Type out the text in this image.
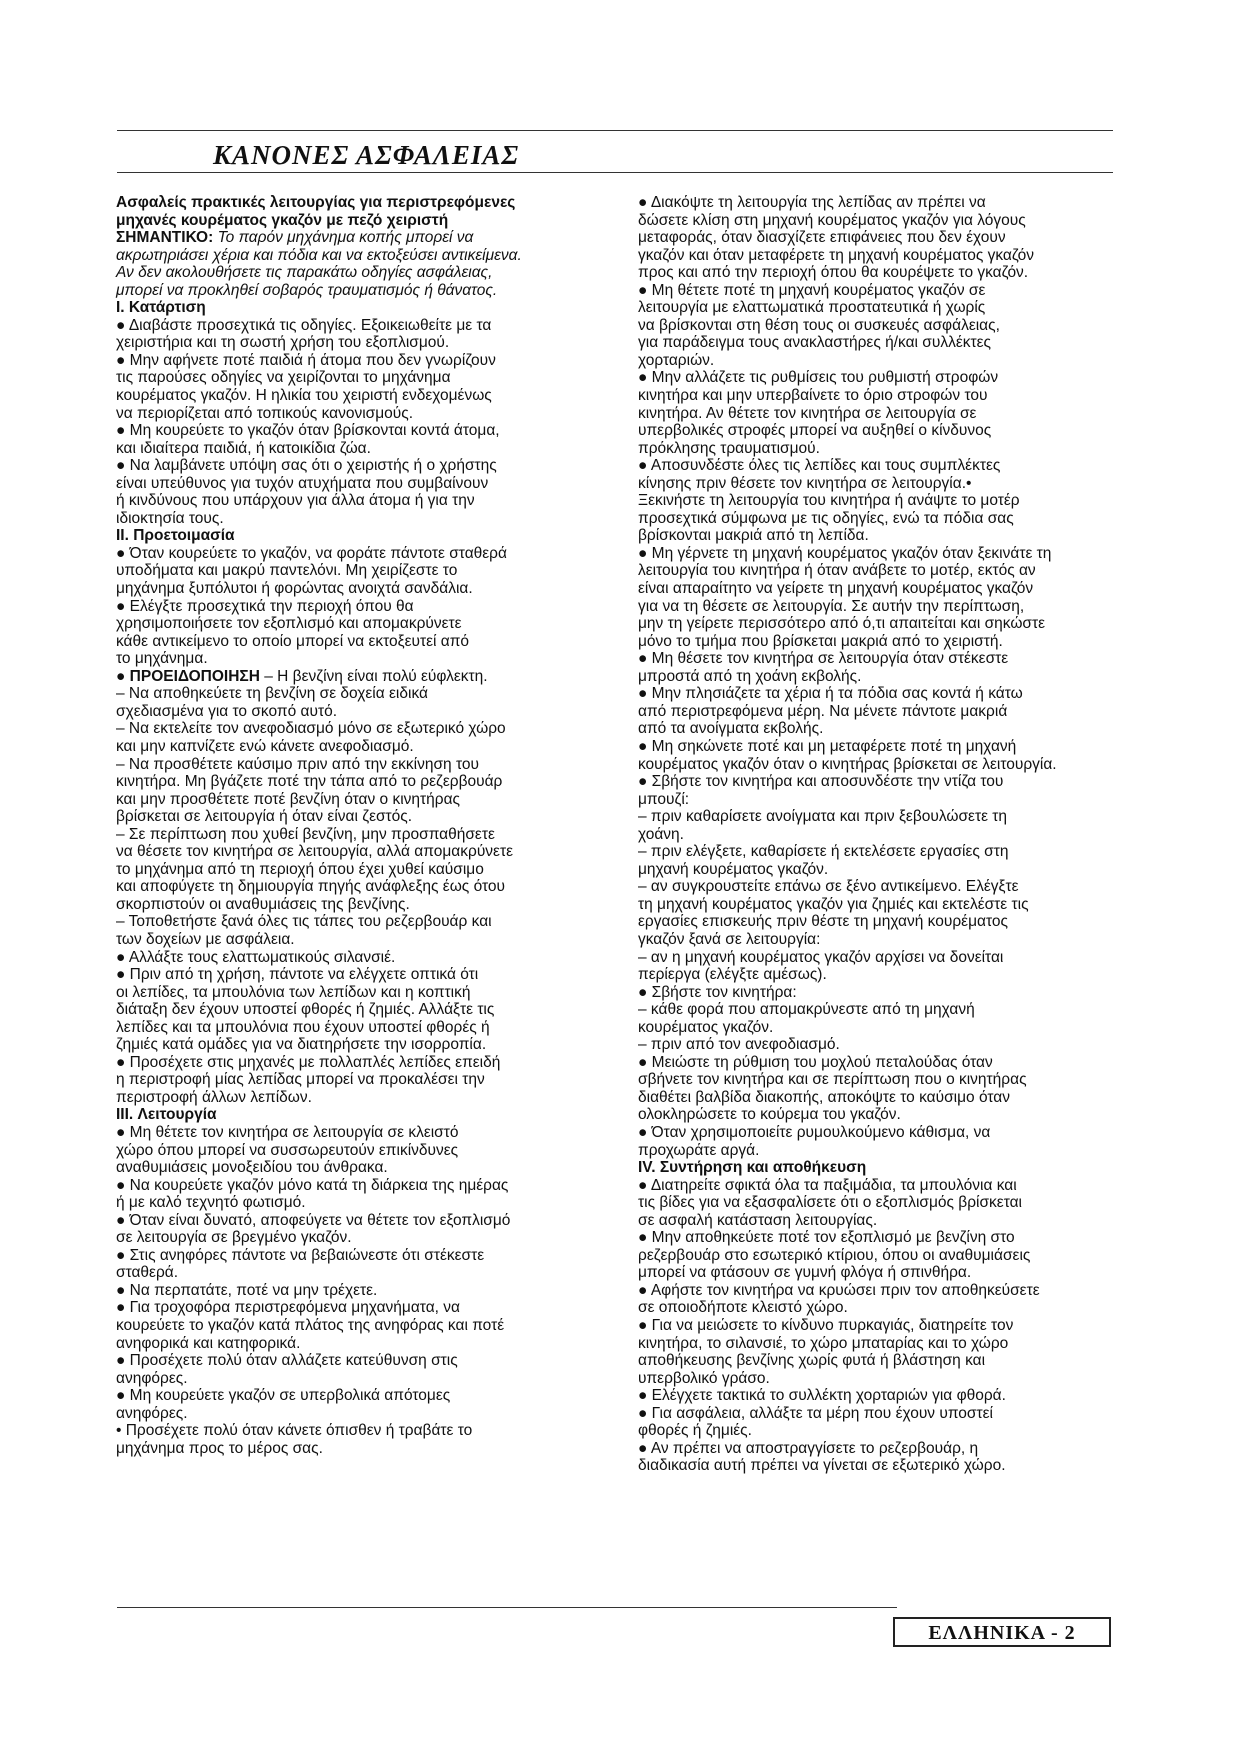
ΚΑΝΟΝΕΣ ΑΣΦΑΛΕΙΑΣ
Ασφαλείς πρακτικές λειτουργίας για περιστρεφόμενες
μηχανές κουρέματος γκαζόν με πεζό χειριστή
ΣΗΜΑΝΤΙΚΟ: Το παρόν μηχάνημα κοπής μπορεί να
ακρωτηριάσει χέρια και πόδια και να εκτοξεύσει αντικείμενα.
Αν δεν ακολουθήσετε τις παρακάτω οδηγίες ασφάλειας,
μπορεί να προκληθεί σοβαρός τραυματισμός ή θάνατος.
I. Κατάρτιση
● Διαβάστε προσεχτικά τις οδηγίες. Εξοικειωθείτε με τα
χειριστήρια και τη σωστή χρήση του εξοπλισμού.
● Μην αφήνετε ποτέ παιδιά ή άτομα που δεν γνωρίζουν
τις παρούσες οδηγίες να χειρίζονται το μηχάνημα
κουρέματος γκαζόν. Η ηλικία του χειριστή ενδεχομένως
να περιορίζεται από τοπικούς κανονισμούς.
● Μη κουρεύετε το γκαζόν όταν βρίσκονται κοντά άτομα,
και ιδιαίτερα παιδιά, ή κατοικίδια ζώα.
● Να λαμβάνετε υπόψη σας ότι ο χειριστής ή ο χρήστης
είναι υπεύθυνος για τυχόν ατυχήματα που συμβαίνουν
ή κινδύνους που υπάρχουν για άλλα άτομα ή για την
ιδιοκτησία τους.
II. Προετοιμασία
● Όταν κουρεύετε το γκαζόν, να φοράτε πάντοτε σταθερά
υποδήματα και μακρύ παντελόνι. Μη χειρίζεστε το
μηχάνημα ξυπόλυτοι ή φορώντας ανοιχτά σανδάλια.
● Ελέγξτε προσεχτικά την περιοχή όπου θα
χρησιμοποιήσετε τον εξοπλισμό και απομακρύνετε
κάθε αντικείμενο το οποίο μπορεί να εκτοξευτεί από
το μηχάνημα.
● ΠΡΟΕΙΔΟΠΟΙΗΣΗ – Η βενζίνη είναι πολύ εύφλεκτη.
– Να αποθηκεύετε τη βενζίνη σε δοχεία ειδικά
σχεδιασμένα για το σκοπό αυτό.
– Να εκτελείτε τον ανεφοδιασμό μόνο σε εξωτερικό χώρο
και μην καπνίζετε ενώ κάνετε ανεφοδιασμό.
– Να προσθέτετε καύσιμο πριν από την εκκίνηση του
κινητήρα. Μη βγάζετε ποτέ την τάπα από το ρεζερβουάρ
και μην προσθέτετε ποτέ βενζίνη όταν ο κινητήρας
βρίσκεται σε λειτουργία ή όταν είναι ζεστός.
– Σε περίπτωση που χυθεί βενζίνη, μην προσπαθήσετε
να θέσετε τον κινητήρα σε λειτουργία, αλλά απομακρύνετε
το μηχάνημα από τη περιοχή όπου έχει χυθεί καύσιμο
και αποφύγετε τη δημιουργία πηγής ανάφλεξης έως ότου
σκορπιστούν οι αναθυμιάσεις της βενζίνης.
– Τοποθετήστε ξανά όλες τις τάπες του ρεζερβουάρ και
των δοχείων με ασφάλεια.
● Αλλάξτε τους ελαττωματικούς σιλανσιέ.
● Πριν από τη χρήση, πάντοτε να ελέγχετε οπτικά ότι
οι λεπίδες, τα μπουλόνια των λεπίδων και η κοπτική
διάταξη δεν έχουν υποστεί φθορές ή ζημιές. Αλλάξτε τις
λεπίδες και τα μπουλόνια που έχουν υποστεί φθορές ή
ζημιές κατά ομάδες για να διατηρήσετε την ισορροπία.
● Προσέχετε στις μηχανές με πολλαπλές λεπίδες επειδή
η περιστροφή μίας λεπίδας μπορεί να προκαλέσει την
περιστροφή άλλων λεπίδων.
III. Λειτουργία
● Μη θέτετε τον κινητήρα σε λειτουργία σε κλειστό
χώρο όπου μπορεί να συσσωρευτούν επικίνδυνες
αναθυμιάσεις μονοξειδίου του άνθρακα.
● Να κουρεύετε γκαζόν μόνο κατά τη διάρκεια της ημέρας
ή με καλό τεχνητό φωτισμό.
● Όταν είναι δυνατό, αποφεύγετε να θέτετε τον εξοπλισμό
σε λειτουργία σε βρεγμένο γκαζόν.
● Στις ανηφόρες πάντοτε να βεβαιώνεστε ότι στέκεστε
σταθερά.
● Να περπατάτε, ποτέ να μην τρέχετε.
● Για τροχοφόρα περιστρεφόμενα μηχανήματα, να
κουρεύετε το γκαζόν κατά πλάτος της ανηφόρας και ποτέ
ανηφορικά και κατηφορικά.
● Προσέχετε πολύ όταν αλλάζετε κατεύθυνση στις
ανηφόρες.
● Μη κουρεύετε γκαζόν σε υπερβολικά απότομες
ανηφόρες.
• Προσέχετε πολύ όταν κάνετε όπισθεν ή τραβάτε το
μηχάνημα προς το μέρος σας.
● Διακόψτε τη λειτουργία της λεπίδας αν πρέπει να
δώσετε κλίση στη μηχανή κουρέματος γκαζόν για λόγους
μεταφοράς, όταν διασχίζετε επιφάνειες που δεν έχουν
γκαζόν και όταν μεταφέρετε τη μηχανή κουρέματος γκαζόν
προς και από την περιοχή όπου θα κουρέψετε το γκαζόν.
● Μη θέτετε ποτέ τη μηχανή κουρέματος γκαζόν σε
λειτουργία με ελαττωματικά προστατευτικά ή χωρίς
να βρίσκονται στη θέση τους οι συσκευές ασφάλειας,
για παράδειγμα τους ανακλαστήρες ή/και συλλέκτες
χορταριών.
● Μην αλλάζετε τις ρυθμίσεις του ρυθμιστή στροφών
κινητήρα και μην υπερβαίνετε το όριο στροφών του
κινητήρα. Αν θέτετε τον κινητήρα σε λειτουργία σε
υπερβολικές στροφές μπορεί να αυξηθεί ο κίνδυνος
πρόκλησης τραυματισμού.
● Αποσυνδέστε όλες τις λεπίδες και τους συμπλέκτες
κίνησης πριν θέσετε τον κινητήρα σε λειτουργία.•
Ξεκινήστε τη λειτουργία του κινητήρα ή ανάψτε το μοτέρ
προσεχτικά σύμφωνα με τις οδηγίες, ενώ τα πόδια σας
βρίσκονται μακριά από τη λεπίδα.
● Μη γέρνετε τη μηχανή κουρέματος γκαζόν όταν ξεκινάτε τη
λειτουργία του κινητήρα ή όταν ανάβετε το μοτέρ, εκτός αν
είναι απαραίτητο να γείρετε τη μηχανή κουρέματος γκαζόν
για να τη θέσετε σε λειτουργία. Σε αυτήν την περίπτωση,
μην τη γείρετε περισσότερο από ό,τι απαιτείται και σηκώστε
μόνο το τμήμα που βρίσκεται μακριά από το χειριστή.
● Μη θέσετε τον κινητήρα σε λειτουργία όταν στέκεστε
μπροστά από τη χοάνη εκβολής.
● Μην πλησιάζετε τα χέρια ή τα πόδια σας κοντά ή κάτω
από περιστρεφόμενα μέρη. Να μένετε πάντοτε μακριά
από τα ανοίγματα εκβολής.
● Μη σηκώνετε ποτέ και μη μεταφέρετε ποτέ τη μηχανή
κουρέματος γκαζόν όταν ο κινητήρας βρίσκεται σε λειτουργία.
● Σβήστε τον κινητήρα και αποσυνδέστε την ντίζα του
μπουζί:
– πριν καθαρίσετε ανοίγματα και πριν ξεβουλώσετε τη
χοάνη.
– πριν ελέγξετε, καθαρίσετε ή εκτελέσετε εργασίες στη
μηχανή κουρέματος γκαζόν.
– αν συγκρουστείτε επάνω σε ξένο αντικείμενο. Ελέγξτε
τη μηχανή κουρέματος γκαζόν για ζημιές και εκτελέστε τις
εργασίες επισκευής πριν θέστε τη μηχανή κουρέματος
γκαζόν ξανά σε λειτουργία:
– αν η μηχανή κουρέματος γκαζόν αρχίσει να δονείται
περίεργα (ελέγξτε αμέσως).
● Σβήστε τον κινητήρα:
– κάθε φορά που απομακρύνεστε από τη μηχανή
κουρέματος γκαζόν.
– πριν από τον ανεφοδιασμό.
● Μειώστε τη ρύθμιση του μοχλού πεταλούδας όταν
σβήνετε τον κινητήρα και σε περίπτωση που ο κινητήρας
διαθέτει βαλβίδα διακοπής, αποκόψτε το καύσιμο όταν
ολοκληρώσετε το κούρεμα του γκαζόν.
● Όταν χρησιμοποιείτε ρυμουλκούμενο κάθισμα, να
προχωράτε αργά.
IV. Συντήρηση και αποθήκευση
● Διατηρείτε σφικτά όλα τα παξιμάδια, τα μπουλόνια και
τις βίδες για να εξασφαλίσετε ότι ο εξοπλισμός βρίσκεται
σε ασφαλή κατάσταση λειτουργίας.
● Μην αποθηκεύετε ποτέ τον εξοπλισμό με βενζίνη στο
ρεζερβουάρ στο εσωτερικό κτίριου, όπου οι αναθυμιάσεις
μπορεί να φτάσουν σε γυμνή φλόγα ή σπινθήρα.
● Αφήστε τον κινητήρα να κρυώσει πριν τον αποθηκεύσετε
σε οποιοδήποτε κλειστό χώρο.
● Για να μειώσετε το κίνδυνο πυρκαγιάς, διατηρείτε τον
κινητήρα, το σιλανσιέ, το χώρο μπαταρίας και το χώρο
αποθήκευσης βενζίνης χωρίς φυτά ή βλάστηση και
υπερβολικό γράσο.
● Ελέγχετε τακτικά το συλλέκτη χορταριών για φθορά.
● Για ασφάλεια, αλλάξτε τα μέρη που έχουν υποστεί
φθορές ή ζημιές.
● Αν πρέπει να αποστραγγίσετε το ρεζερβουάρ, η
διαδικασία αυτή πρέπει να γίνεται σε εξωτερικό χώρο.
ΕΛΛΗΝΙΚΑ - 2
